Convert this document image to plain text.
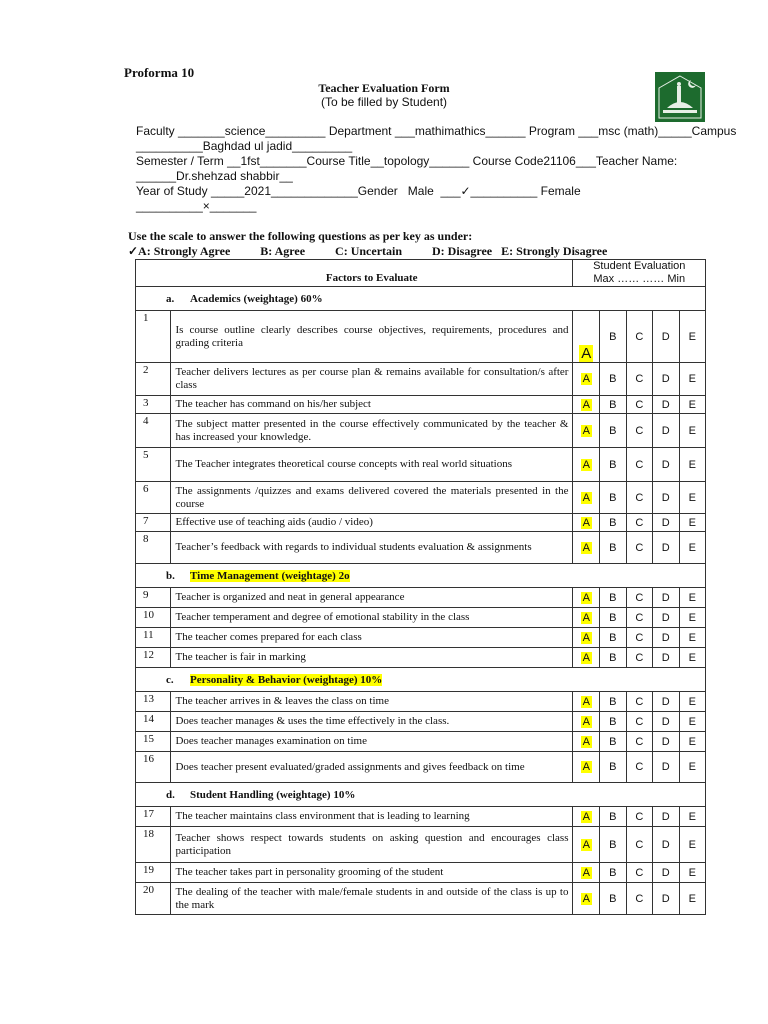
Proforma 10
Teacher Evaluation Form
(To be filled by Student)
Faculty _______science_________ Department ___mathimathics______ Program ___msc (math)_____Campus
__________Baghdad ul jadid_________
Semester / Term __1fst_______Course Title__topology______ Course Code21106___Teacher Name:
______Dr.shehzad shabbir__
Year of Study _____2021_____________Gender   Male  ___✓__________ Female
__________×_______
Use the scale to answer the following questions as per key as under:
✓A: Strongly Agree          B: Agree          C: Uncertain          D: Disagree   E: Strongly Disagree
	Factors to Evaluate	Student Evaluation
Max …… …… Min				

a. Academics (weightage) 60%						
1	Is course outline clearly describes course objectives, requirements, procedures and grading criteria	A	B	C	D	E
2	Teacher delivers lectures as per course plan & remains available for consultation/s after class	A	B	C	D	E
3	The teacher has command on his/her subject	A	B	C	D	E
4	The subject matter presented in the course effectively communicated by the teacher & has increased your knowledge.	A	B	C	D	E
5	The Teacher integrates theoretical course concepts with real world situations	A	B	C	D	E
6	The assignments /quizzes and exams delivered covered the materials presented in the course	A	B	C	D	E
7	Effective use of teaching aids (audio / video)	A	B	C	D	E
8	Teacher’s feedback with regards to individual students evaluation & assignments	A	B	C	D	E
b. Time Management (weightage) 2o						
9	Teacher is organized and neat in general appearance	A	B	C	D	E
10	Teacher temperament and degree of emotional stability in the class	A	B	C	D	E
11	The teacher comes prepared for each class	A	B	C	D	E
12	The teacher is fair in marking	A	B	C	D	E
c. Personality & Behavior (weightage) 10%						
13	The teacher arrives in & leaves the class on time	A	B	C	D	E
14	Does teacher manages & uses the time effectively in the class.	A	B	C	D	E
15	Does teacher manages examination on time	A	B	C	D	E
16	Does teacher present evaluated/graded assignments and gives feedback on time	A	B	C	D	E
d. Student Handling (weightage) 10%						
17	The teacher maintains class environment that is leading to learning	A	B	C	D	E
18	Teacher shows respect towards students on asking question and encourages class participation	A	B	C	D	E
19	The teacher takes part in personality grooming of the student	A	B	C	D	E
20	The dealing of the teacher with male/female students in and outside of the class is up to the mark	A	B	C	D	E
